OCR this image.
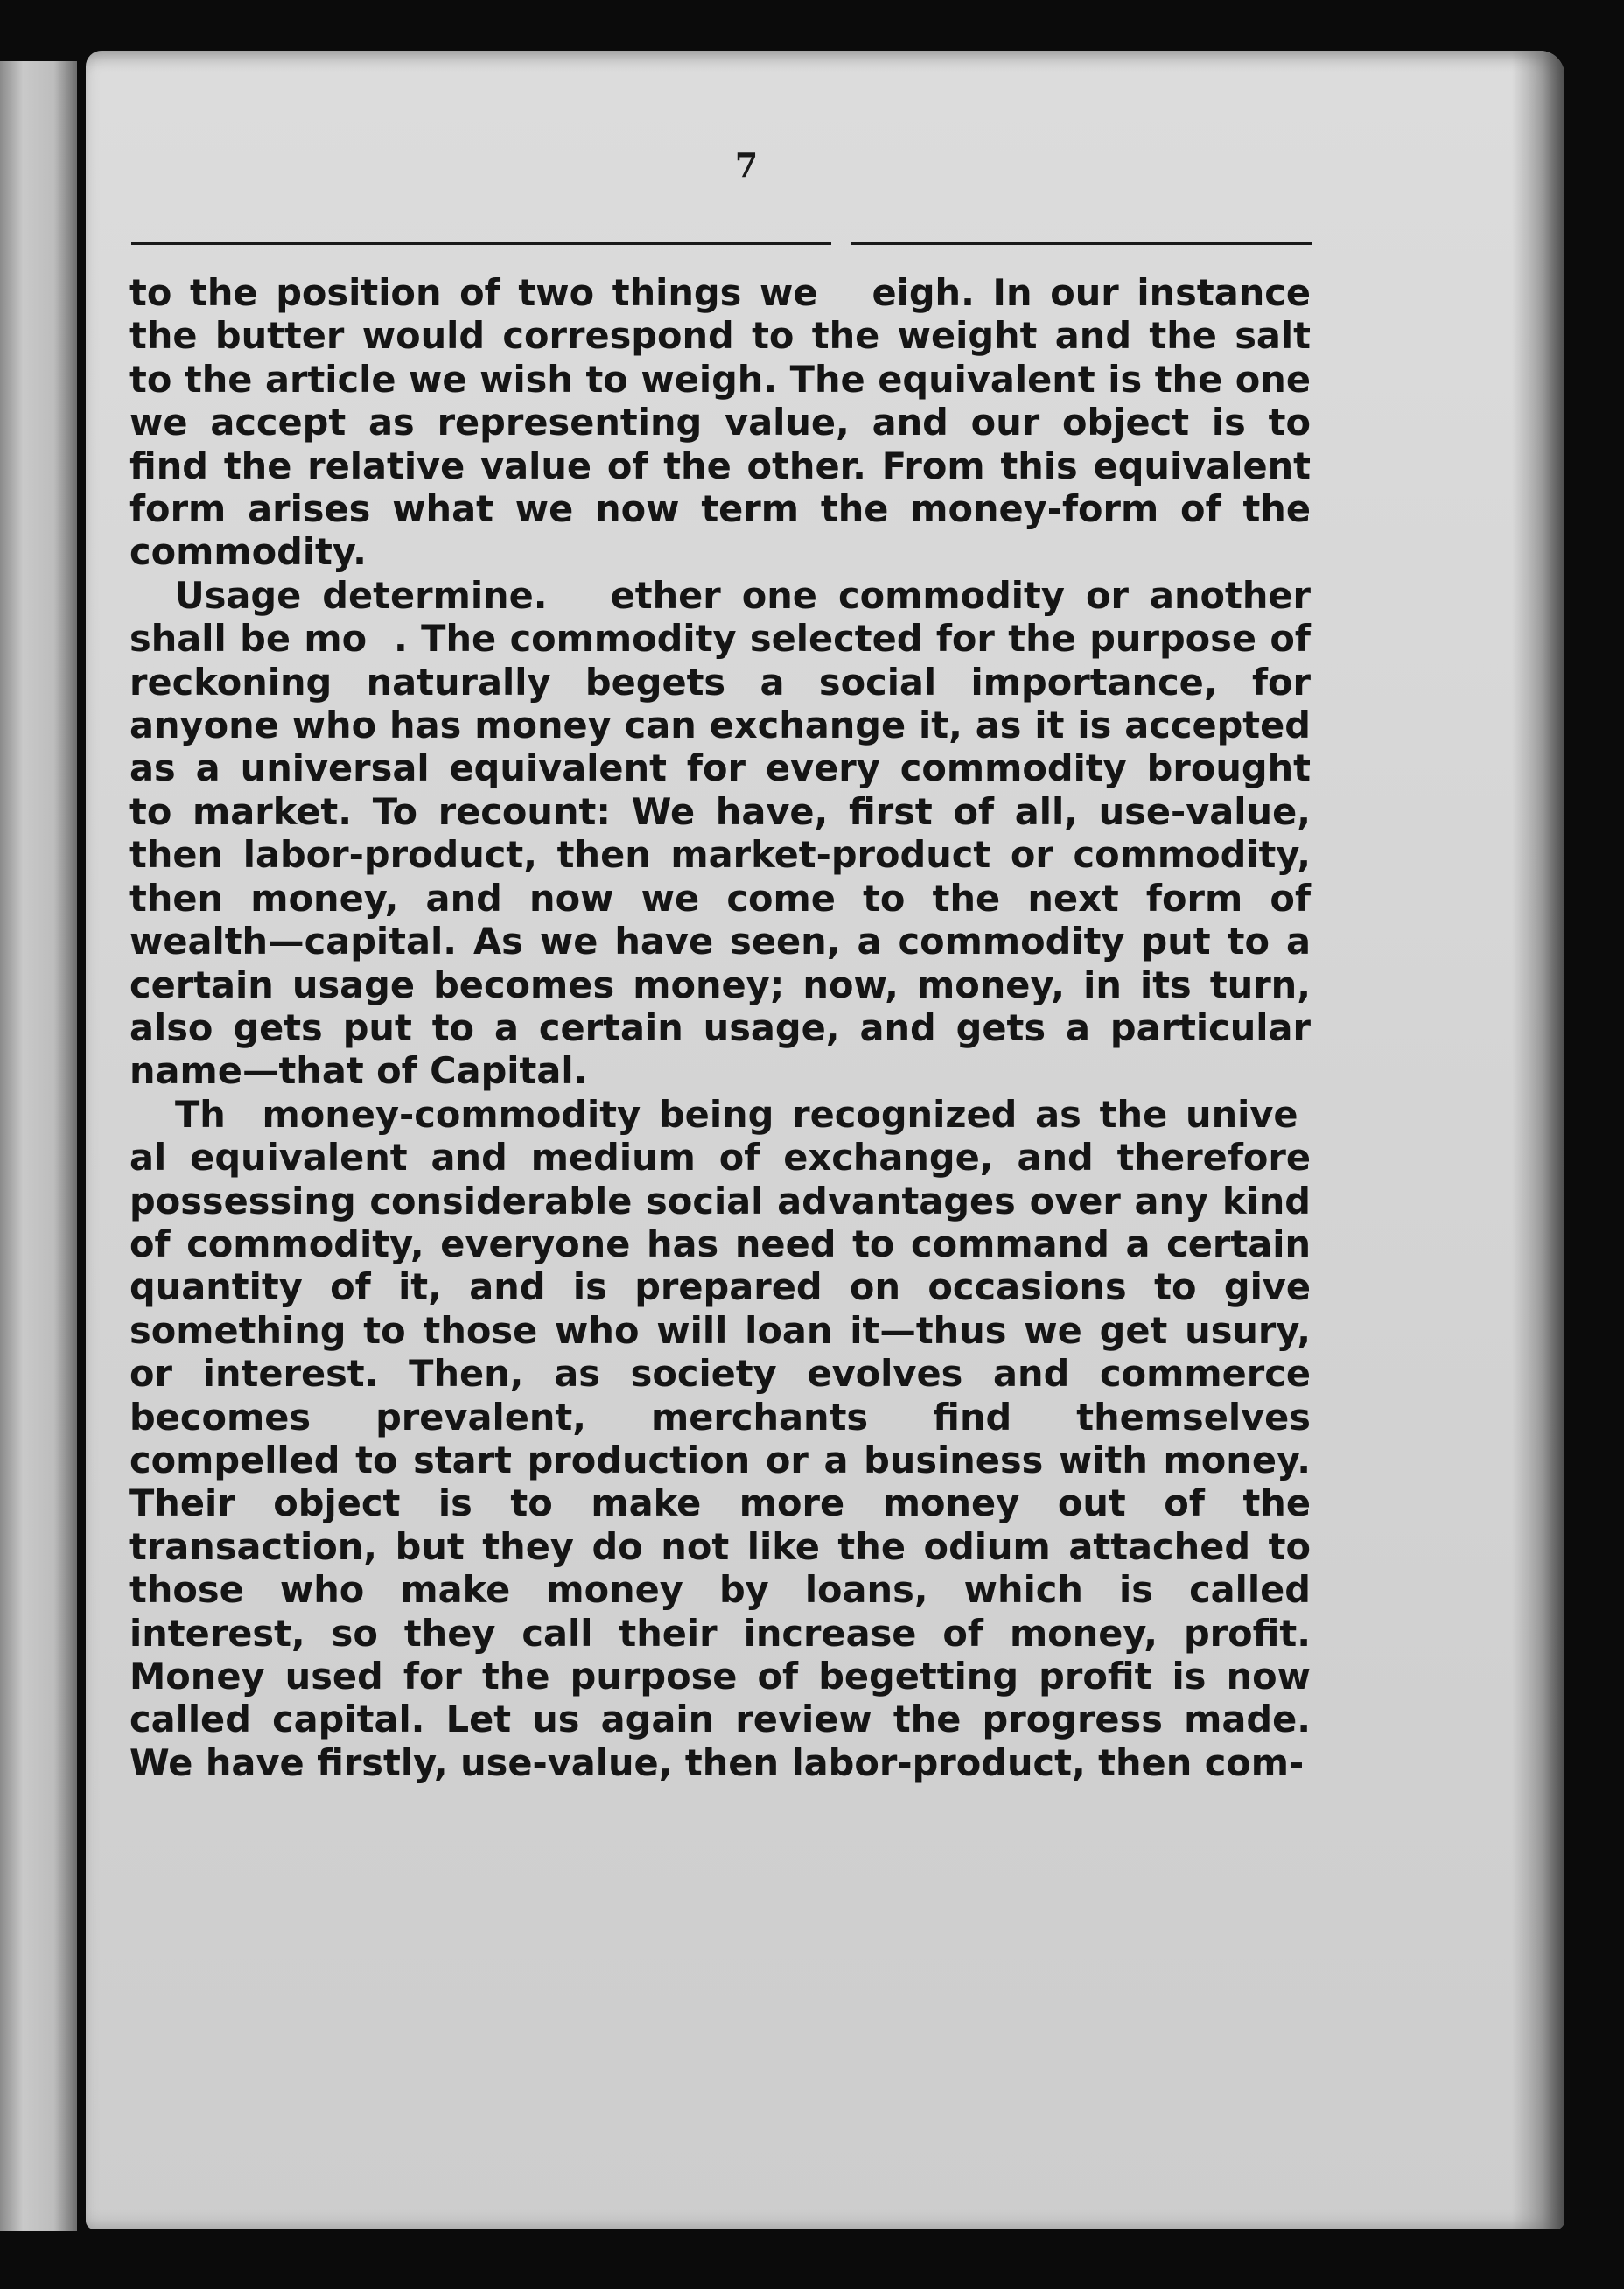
7

to the position of two things we   eigh. In our instance the butter would correspond to the weight and the salt to the article we wish to weigh. The equivalent is the one we accept as representing value, and our object is to find the relative value of the other. From this equivalent form arises what we now term the money-form of the commodity.

Usage determine.   ether one commodity or another shall be mo  . The commodity selected for the purpose of reckoning naturally begets a social importance, for anyone who has money can exchange it, as it is accepted as a universal equivalent for every commodity brought to market. To recount: We have, first of all, use-value, then labor-product, then market-product or commodity, then money, and now we come to the next form of wealth—capital. As we have seen, a commodity put to a certain usage becomes money; now, money, in its turn, also gets put to a certain usage, and gets a particular name—that of Capital.

Th  money-commodity being recognized as the unive  al equivalent and medium of exchange, and therefore possessing considerable social advantages over any kind of commodity, everyone has need to command a certain quantity of it, and is prepared on occasions to give something to those who will loan it—thus we get usury, or interest. Then, as society evolves and commerce becomes prevalent, merchants find themselves compelled to start production or a business with money. Their object is to make more money out of the transaction, but they do not like the odium attached to those who make money by loans, which is called interest, so they call their increase of money, profit. Money used for the purpose of begetting profit is now called capital. Let us again review the progress made. We have firstly, use-value, then labor-product, then com-
